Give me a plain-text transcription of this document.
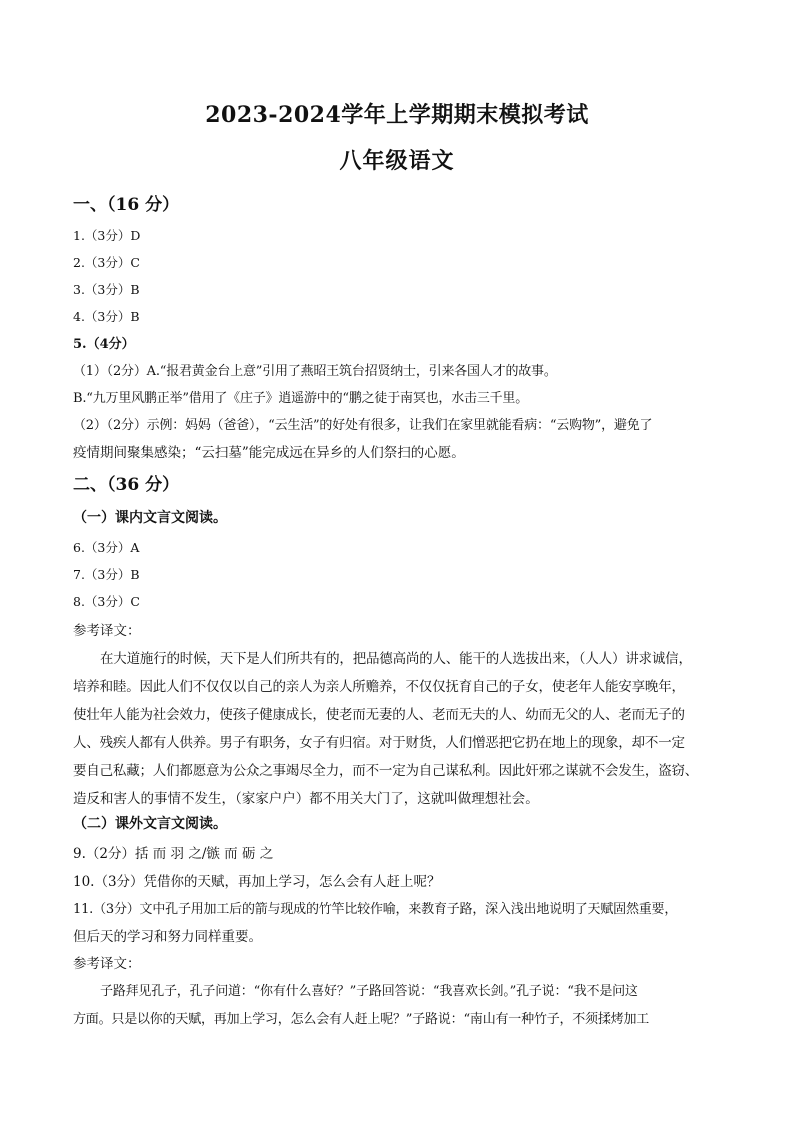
2023-2024学年上学期期末模拟考试
八年级语文
一、（16 分）
1.（3分）D
2.（3分）C
3.（3分）B
4.（3分）B
5.（4分）
（1）（2分）A.“报君黄金台上意”引用了燕昭王筑台招贤纳士，引来各国人才的故事。
B.“九万里风鹏正举”借用了《庄子》逍遥游中的“鹏之徒于南冥也，水击三千里。
（2）（2分）示例：妈妈（爸爸），“云生活”的好处有很多，让我们在家里就能看病：“云购物”，避免了
疫情期间聚集感染；“云扫墓”能完成远在异乡的人们祭扫的心愿。
二、（36 分）
（一）课内文言文阅读。
6.（3分）A
7.（3分）B
8.（3分）C
参考译文：
在大道施行的时候，天下是人们所共有的，把品德高尚的人、能干的人选拔出来，（人人）讲求诚信，
培养和睦。因此人们不仅仅以自己的亲人为亲人所赡养，不仅仅抚育自己的子女，使老年人能安享晚年，
使壮年人能为社会效力，使孩子健康成长，使老而无妻的人、老而无夫的人、幼而无父的人、老而无子的
人、残疾人都有人供养。男子有职务，女子有归宿。对于财货，人们憎恶把它扔在地上的现象，却不一定
要自己私藏；人们都愿意为公众之事竭尽全力，而不一定为自己谋私利。因此奸邪之谋就不会发生，盗窃、
造反和害人的事情不发生，（家家户户）都不用关大门了，这就叫做理想社会。
（二）课外文言文阅读。
9.（2分）括 而 羽 之/镞 而 砺 之
10.（3分）凭借你的天赋，再加上学习，怎么会有人赶上呢？
11.（3分）文中孔子用加工后的箭与现成的竹竿比较作喻，来教育子路，深入浅出地说明了天赋固然重要，
但后天的学习和努力同样重要。
参考译文：
子路拜见孔子，孔子问道：“你有什么喜好？”子路回答说：“我喜欢长剑。”孔子说：“我不是问这
方面。只是以你的天赋，再加上学习，怎么会有人赶上呢？”子路说：“南山有一种竹子，不须揉烤加工
